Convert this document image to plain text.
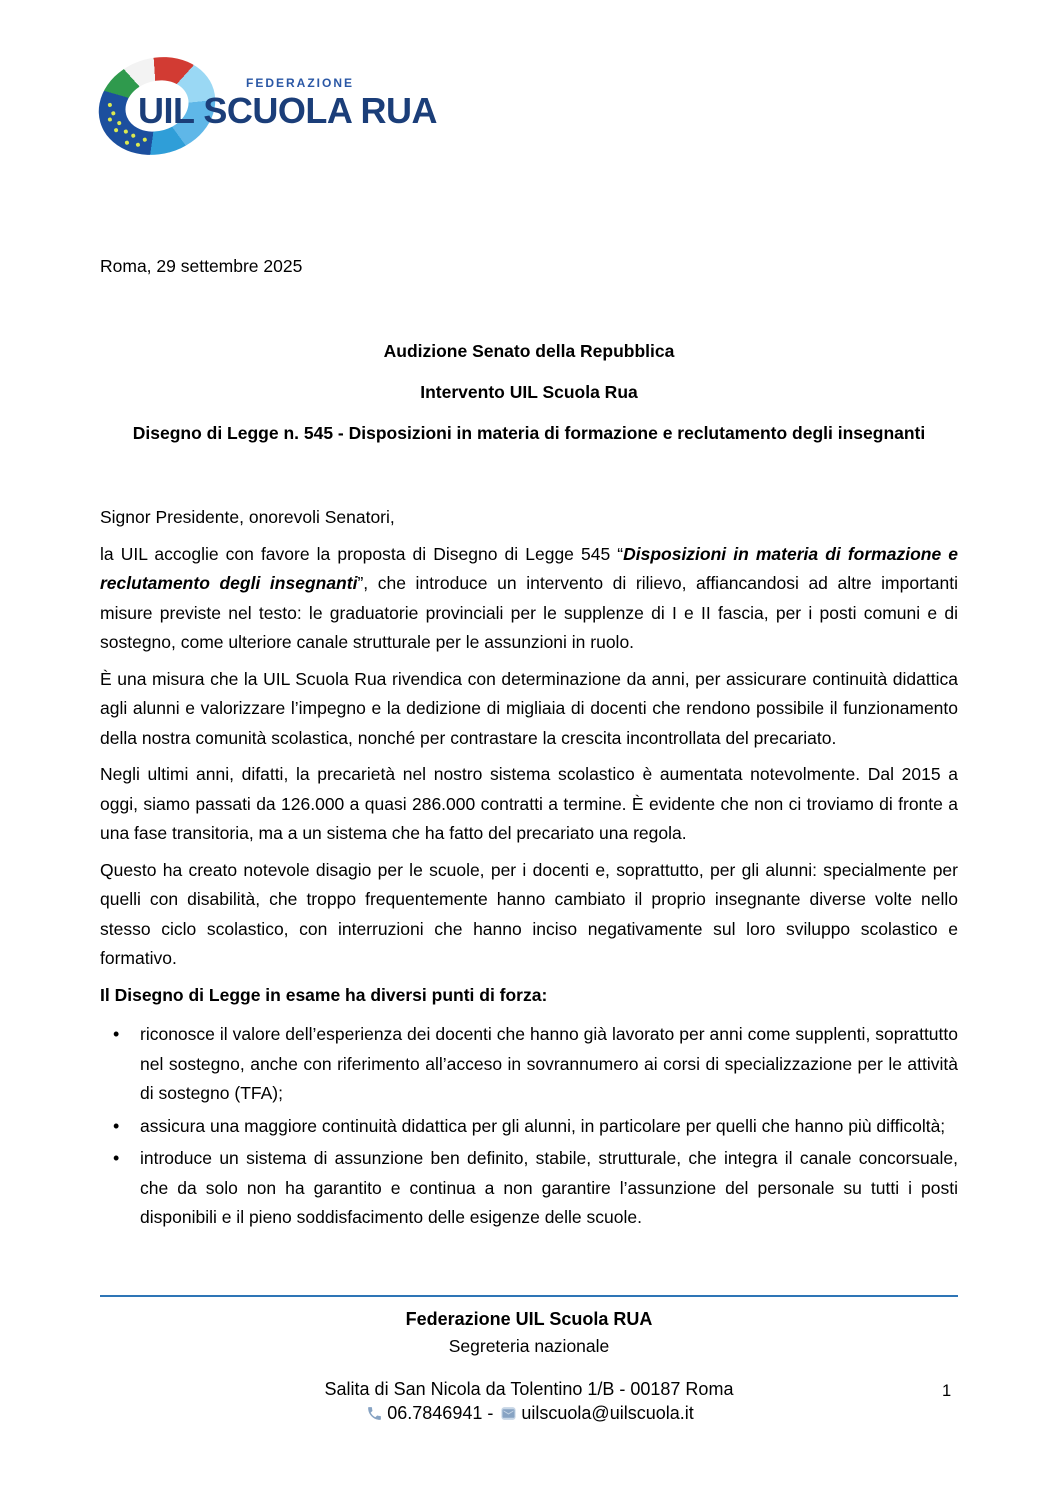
FEDERAZIONE
UIL SCUOLA RUA

Roma, 29 settembre 2025

Audizione Senato della Repubblica

Intervento UIL Scuola Rua

Disegno di Legge n. 545 - Disposizioni in materia di formazione e reclutamento degli insegnanti

Signor Presidente, onorevoli Senatori,

la UIL accoglie con favore la proposta di Disegno di Legge 545 “Disposizioni in materia di formazione e reclutamento degli insegnanti”, che introduce un intervento di rilievo, affiancandosi ad altre importanti misure previste nel testo: le graduatorie provinciali per le supplenze di I e II fascia, per i posti comuni e di sostegno, come ulteriore canale strutturale per le assunzioni in ruolo.

È una misura che la UIL Scuola Rua rivendica con determinazione da anni, per assicurare continuità didattica agli alunni e valorizzare l’impegno e la dedizione di migliaia di docenti che rendono possibile il funzionamento della nostra comunità scolastica, nonché per contrastare la crescita incontrollata del precariato.

Negli ultimi anni, difatti, la precarietà nel nostro sistema scolastico è aumentata notevolmente. Dal 2015 a oggi, siamo passati da 126.000 a quasi 286.000 contratti a termine. È evidente che non ci troviamo di fronte a una fase transitoria, ma a un sistema che ha fatto del precariato una regola.

Questo ha creato notevole disagio per le scuole, per i docenti e, soprattutto, per gli alunni: specialmente per quelli con disabilità, che troppo frequentemente hanno cambiato il proprio insegnante diverse volte nello stesso ciclo scolastico, con interruzioni che hanno inciso negativamente sul loro sviluppo scolastico e formativo.

Il Disegno di Legge in esame ha diversi punti di forza:

• riconosce il valore dell’esperienza dei docenti che hanno già lavorato per anni come supplenti, soprattutto nel sostegno, anche con riferimento all’acceso in sovrannumero ai corsi di specializzazione per le attività di sostegno (TFA);
• assicura una maggiore continuità didattica per gli alunni, in particolare per quelli che hanno più difficoltà;
• introduce un sistema di assunzione ben definito, stabile, strutturale, che integra il canale concorsuale, che da solo non ha garantito e continua a non garantire l’assunzione del personale su tutti i posti disponibili e il pieno soddisfacimento delle esigenze delle scuole.
Federazione UIL Scuola RUA
Segreteria nazionale
Salita di San Nicola da Tolentino 1/B - 00187 Roma
06.7846941 - uilscuola@uilscuola.it
1
